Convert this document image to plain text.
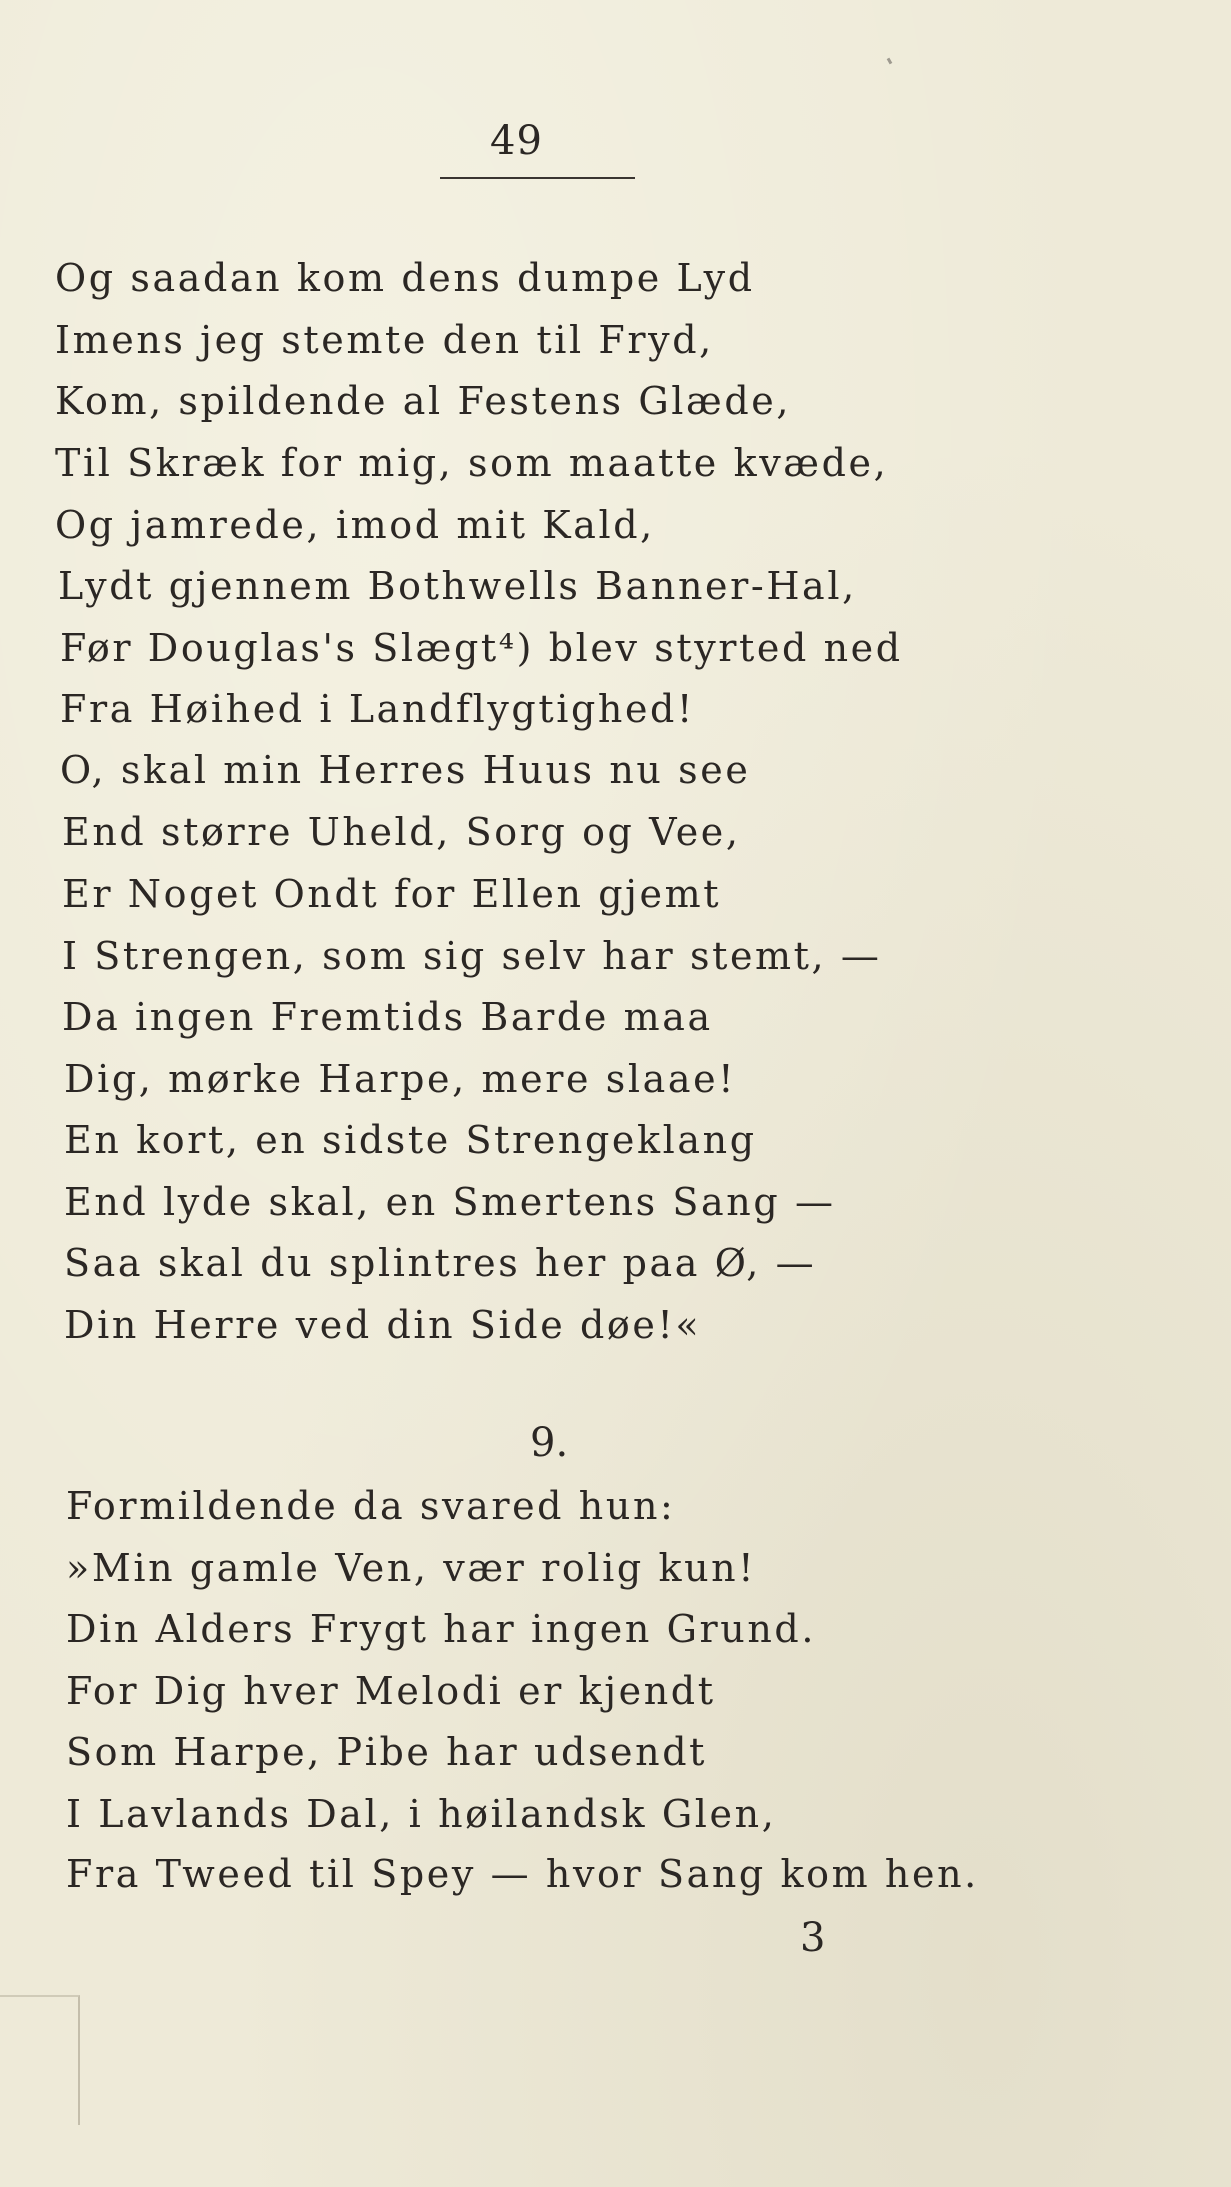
49
Og saadan kom dens dumpe Lyd
Imens jeg stemte den til Fryd,
Kom, spildende al Festens Glæde,
Til Skræk for mig, som maatte kvæde,
Og jamrede, imod mit Kald,
Lydt gjennem Bothwells Banner-Hal,
Før Douglas's Slægt⁴) blev styrted ned
Fra Høihed i Landflygtighed!
O, skal min Herres Huus nu see
End større Uheld, Sorg og Vee,
Er Noget Ondt for Ellen gjemt
I Strengen, som sig selv har stemt, —
Da ingen Fremtids Barde maa
Dig, mørke Harpe, mere slaae!
En kort, en sidste Strengeklang
End lyde skal, en Smertens Sang —
Saa skal du splintres her paa Ø, —
Din Herre ved din Side døe!«
9.
Formildende da svared hun:
»Min gamle Ven, vær rolig kun!
Din Alders Frygt har ingen Grund.
For Dig hver Melodi er kjendt
Som Harpe, Pibe har udsendt
I Lavlands Dal, i høilandsk Glen,
Fra Tweed til Spey — hvor Sang kom hen.
3
